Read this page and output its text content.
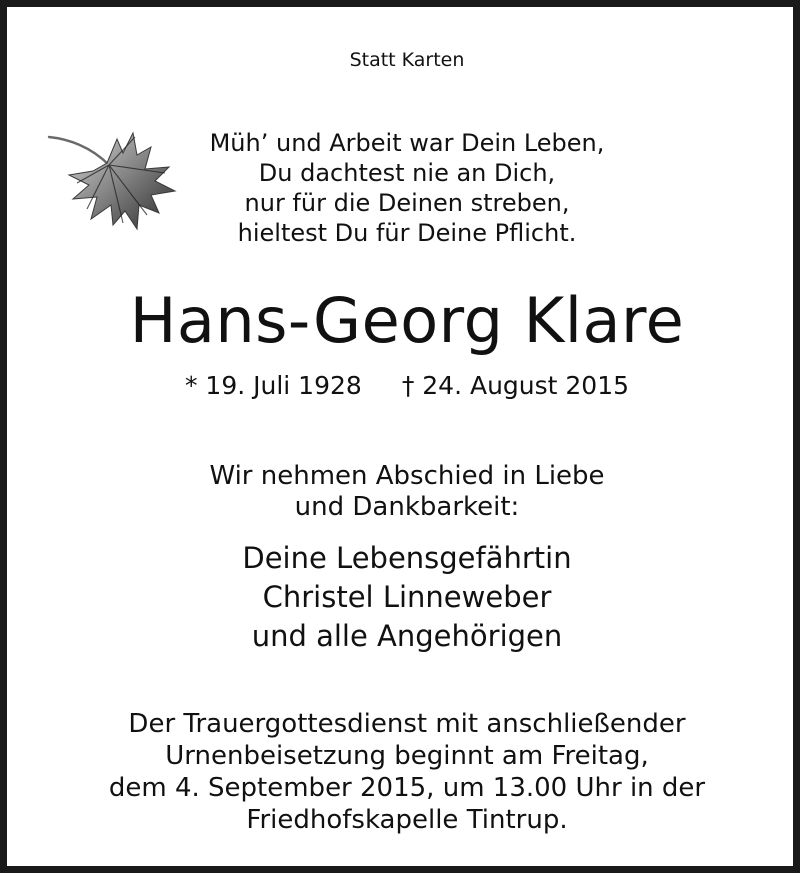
Statt Karten

Müh’ und Arbeit war Dein Leben,

Du dachtest nie an Dich,

nur für die Deinen streben,

hieltest Du für Deine Pflicht.

Hans-Georg Klare

* 19. Juli 1928 † 24. August 2015

Wir nehmen Abschied in Liebe

und Dankbarkeit:

Deine Lebensgefährtin

Christel Linneweber

und alle Angehörigen

Der Trauergottesdienst mit anschließender

Urnenbeisetzung beginnt am Freitag,

dem 4. September 2015, um 13.00 Uhr in der

Friedhofskapelle Tintrup.
